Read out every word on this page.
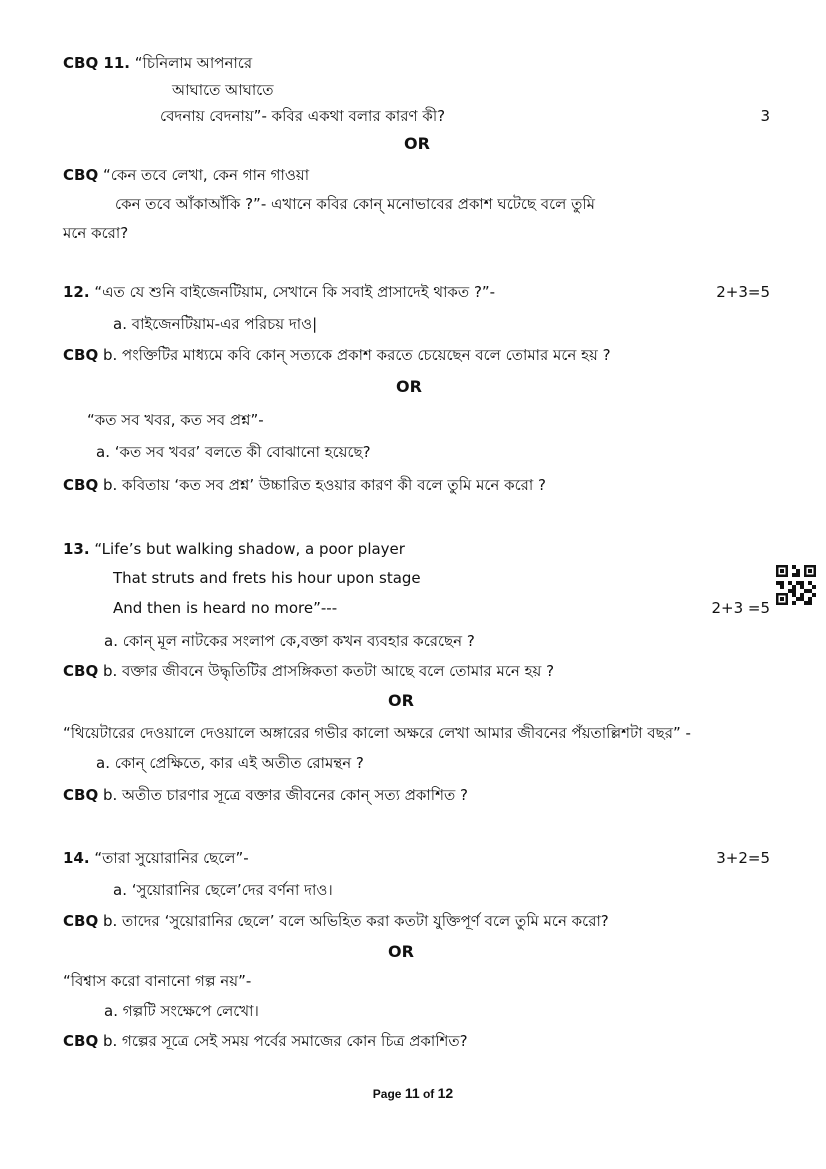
CBQ 11. “চিনিলাম আপনারে
আঘাতে আঘাতে
বেদনায় বেদনায়”- কবির একথা বলার কারণ কী?	3
OR
CBQ “কেন তবে লেখা, কেন গান গাওয়া
কেন তবে আঁকাআঁকি ?”- এখানে কবির কোন্ মনোভাবের প্রকাশ ঘটেছে বলে তুমি
মনে করো?
12. “এত যে শুনি বাইজেনটিয়াম, সেখানে কি সবাই প্রাসাদেই থাকত ?”-	2+3=5
a. বাইজেনটিয়াম-এর পরিচয় দাও|
CBQ b. পংক্তিটির মাধ্যমে কবি কোন্ সত্যকে প্রকাশ করতে চেয়েছেন বলে তোমার মনে হয় ?
OR
“কত সব খবর, কত সব প্রশ্ন”-
a. ‘কত সব খবর’ বলতে কী বোঝানো হয়েছে?
CBQ b. কবিতায় ‘কত সব প্রশ্ন’ উচ্চারিত হওয়ার কারণ কী বলে তুমি মনে করো ?
13. “Life’s but walking shadow, a poor player
That struts and frets his hour upon stage
And then is heard no more”---	2+3 =5
a. কোন্ মূল নাটকের সংলাপ কে,বক্তা কখন ব্যবহার করেছেন ?
CBQ b. বক্তার জীবনে উদ্ধৃতিটির প্রাসঙ্গিকতা কতটা আছে বলে তোমার মনে হয় ?
OR
“থিয়েটারের দেওয়ালে দেওয়ালে অঙ্গারের গভীর কালো অক্ষরে লেখা আমার জীবনের পঁয়তাল্লিশটা বছর” -
a. কোন্ প্রেক্ষিতে, কার এই অতীত রোমন্থন ?
CBQ b. অতীত চারণার সূত্রে বক্তার জীবনের কোন্ সত্য প্রকাশিত ?
14. “তারা সুয়োরানির ছেলে”-	3+2=5
a. ‘সুয়োরানির ছেলে’দের বর্ণনা দাও।
CBQ b. তাদের ‘সুয়োরানির ছেলে’ বলে অভিহিত করা কতটা যুক্তিপূর্ণ বলে তুমি মনে করো?
OR
“বিশ্বাস করো বানানো গল্প নয়”-
a. গল্পটি সংক্ষেপে লেখো।
CBQ b. গল্পের সূত্রে সেই সময় পর্বের সমাজের কোন চিত্র প্রকাশিত?
Page 11 of 12
